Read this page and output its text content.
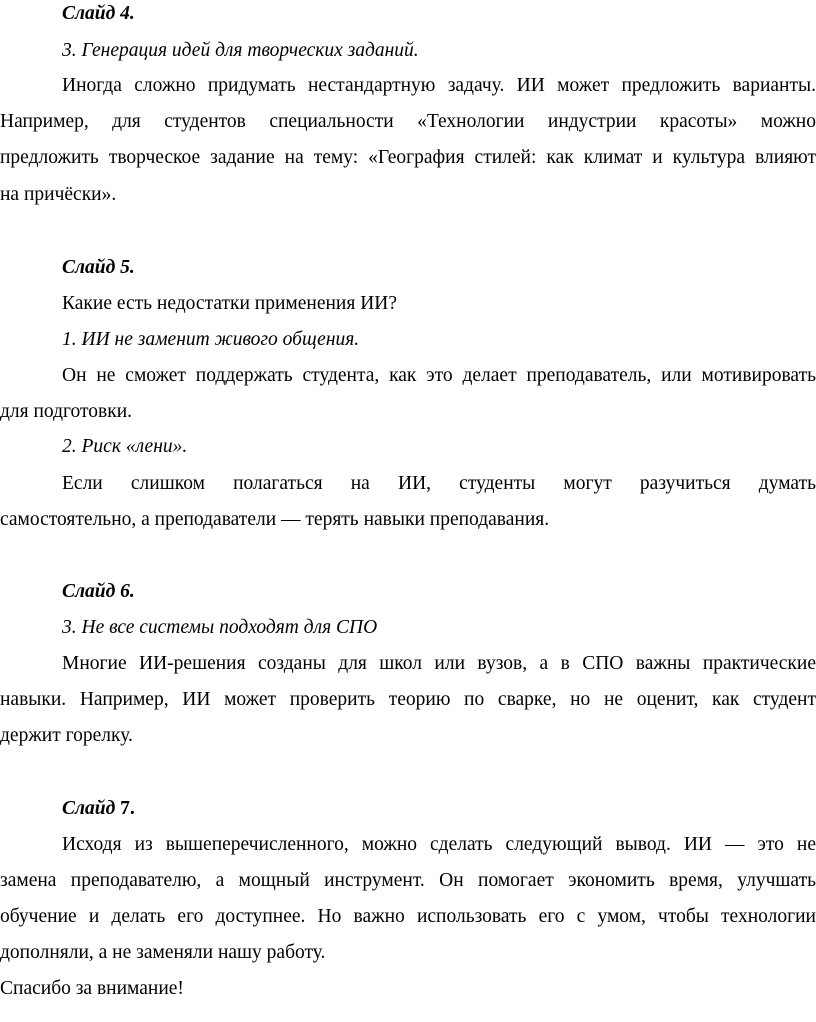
Слайд 4.
3. Генерация идей для творческих заданий.
Иногда сложно придумать нестандартную задачу. ИИ может предложить варианты.
Например, для студентов специальности «Технологии индустрии красоты» можно
предложить творческое задание на тему: «География стилей: как климат и культура влияют
на причёски».
Слайд 5.
Какие есть недостатки применения ИИ?
1. ИИ не заменит живого общения.
Он не сможет поддержать студента, как это делает преподаватель, или мотивировать
для подготовки.
2. Риск «лени».
Если слишком полагаться на ИИ, студенты могут разучиться думать
самостоятельно, а преподаватели — терять навыки преподавания.
Слайд 6.
3. Не все системы подходят для СПО
Многие ИИ-решения созданы для школ или вузов, а в СПО важны практические
навыки. Например, ИИ может проверить теорию по сварке, но не оценит, как студент
держит горелку.
Слайд 7.
Исходя из вышеперечисленного, можно сделать следующий вывод. ИИ — это не
замена преподавателю, а мощный инструмент. Он помогает экономить время, улучшать
обучение и делать его доступнее. Но важно использовать его с умом, чтобы технологии
дополняли, а не заменяли нашу работу.
Спасибо за внимание!
